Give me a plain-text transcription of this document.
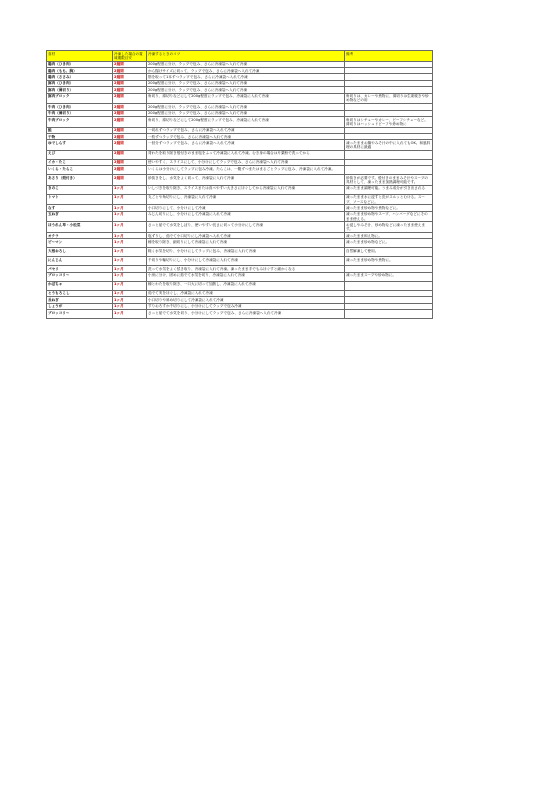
食材	冷凍した場合の賞味期限目安	冷凍するときのコツ	備考
鶏肉（ひき肉）	2週間	200g程度に分け、ラップで包み、さらに冷凍袋へ入れて冷凍	
鶏肉（もも、胸）	2週間	から揚げサイズに切って、ラップで包み、さらに冷凍袋へ入れて冷凍	
鶏肉（ささみ）	2週間	筋を取って1本ずつラップで包み、さらに冷凍袋へ入れて冷凍	
豚肉（ひき肉）	2週間	200g程度に分け、ラップで包み、さらに冷凍袋へ入れて冷凍	
豚肉（薄切り）	2週間	200g程度に分け、ラップで包み、さらに冷凍袋へ入れて冷凍	
豚肉ブロック	2週間	角切り、薄切りなどにして200g程度にラップで包み、冷凍袋に入れて冷凍	角切りは、カレーや煮物に、薄切りは生姜焼きや炒め物などの用
牛肉（ひき肉）	2週間	200g程度に分け、ラップで包み、さらに冷凍袋へ入れて冷凍	
牛肉（薄切り）	2週間	200g程度に分け、ラップで包み、さらに冷凍袋へ入れて冷凍	
牛肉ブロック	2週間	角切り、薄切りなどにして200g程度にラップで包み、冷凍袋に入れて冷凍	角切りはシチューやカレー、ビーフシチューなど。薄切りはハッシュドビーフや炒め物に
鮭	2週間	一切れずつラップで包み、さらに冷凍袋へ入れて冷凍	
干物	2週間	一枚ずつラップで包み、さらに冷凍袋へ入れて冷凍	
ゆでしらす	2週間	一回分ずつラップで包み、さらに冷凍袋へ入れて冷凍	凍ったままお鍋やみそ汁の中に入れてもOK。和風料理の具材に最適
えび	2週間	背わたを取り除き殻付きのまま塩をふって冷凍袋に入れて冷凍。むき身の場合は片栗粉で洗ってから	
イカ・たこ	2週間	使いやすく、スライスにして、小分けにしてラップで包み、さらに冷凍袋へ入れて冷凍	
いくら・たらこ	2週間	いくらは小分けにしてラップに包み冷凍。たらこは、一腹ずつまたはまるごとラップに包み、冷凍袋に入れて冷凍。	
あさり（殻付き）	2週間	砂抜きをし、水気をよく切って、冷凍袋に入れて冷凍	砂抜きが必要です。殻付きのままみそ汁やスープの具材として、凍ったまま加熱調理可能です。
きのこ	1ヶ月	いしづきを取り除き、スライスまたは食べやすい大きさにほぐしてから冷凍袋に入れて冷凍	凍ったまま調理可能。うまみ成分が引き出される
トマト	1ヶ月	丸ごとや角切りにし、冷凍袋に入れて冷凍	凍ったまま水に浸すと皮がスルッとむける。スープ、ソースなどに。
なす	1ヶ月	小口切りにして、小分けにして冷凍	凍ったまま炒め物や煮物などに。
玉ねぎ	1ヶ月	みじん切りにし、小分けにして冷凍袋に入れて冷凍	凍ったまま炒め物やスープ、ハンバーグなどにそのまま使える。
ほうれん草・小松菜	1ヶ月	さっと茹でて水気をしぼり、使いやすい長さに切って小分けにして冷凍	お浸しやみそ汁、炒め物などに凍ったまま使えます。
オクラ	1ヶ月	塩ずりし、茹でて小口切りにし冷凍袋へ入れて冷凍	凍ったまま和え物に。
ピーマン	1ヶ月	種を取り除き、細切りにして冷凍袋に入れて冷凍	凍ったまま炒め物などに。
大根おろし	1ヶ月	軽く水気を切り、小分けにしてラップに包み、冷凍袋に入れて冷凍	自然解凍して使用。
にんじん	1ヶ月	千切りや輪切りにし、小分けにして冷凍袋に入れて冷凍	凍ったまま炒め物や煮物に。
パセリ	1ヶ月	洗って水気をよく拭き取り、冷凍袋に入れて冷凍。凍ったまま手でもみほぐすと細かくなる	
ブロッコリー	1ヶ月	小房に分け、固めに茹でて水気を切り、冷凍袋に入れて冷凍	凍ったままスープや炒め物に。
かぼちゃ	1ヶ月	種とわたを取り除き、一口大に切って加熱し、冷凍袋に入れて冷凍	
とうもろこし	1ヶ月	茹でて実をほぐし、冷凍袋に入れて冷凍	
長ねぎ	1ヶ月	小口切りや斜め切りにして冷凍袋に入れて冷凍	
しょうが	1ヶ月	すりおろすか千切りにし、小分けにしてラップで包み冷凍	
ブロッコリー	1ヶ月	さっと茹でて水気を切り、小分けにしてラップで包み、さらに冷凍袋へ入れて冷凍	
